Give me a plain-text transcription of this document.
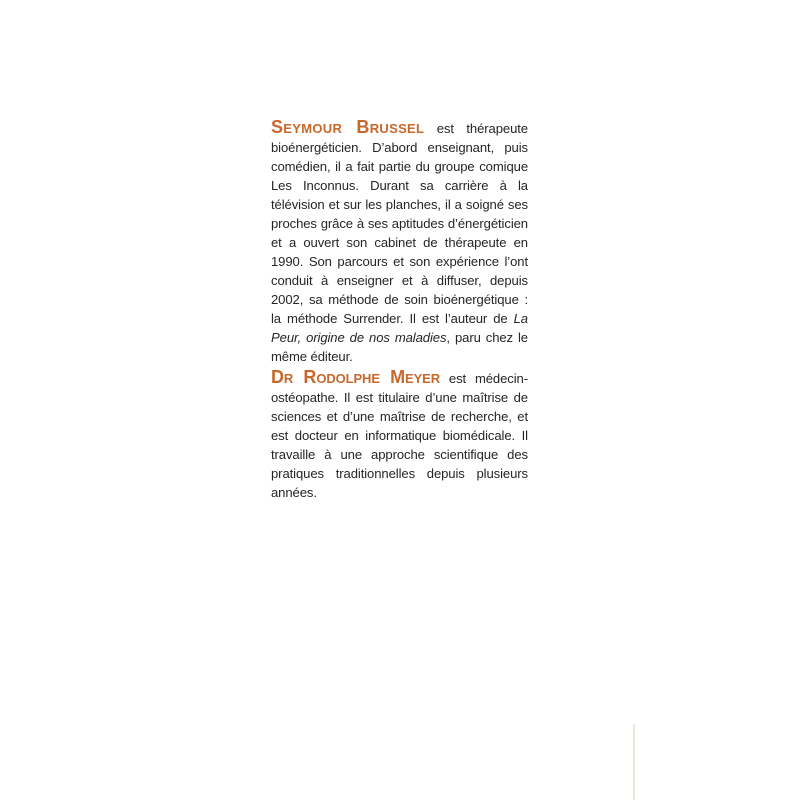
Seymour Brussel est thérapeute bioénergéticien. D’abord enseignant, puis comédien, il a fait partie du groupe comique Les Inconnus. Durant sa carrière à la télévision et sur les planches, il a soigné ses proches grâce à ses aptitudes d’énergéticien et a ouvert son cabinet de thérapeute en 1990. Son parcours et son expérience l’ont conduit à enseigner et à diffuser, depuis 2002, sa méthode de soin bioénergétique : la méthode Surrender. Il est l’auteur de La Peur, origine de nos maladies, paru chez le même éditeur.

Dr Rodolphe Meyer est médecin-ostéopathe. Il est titulaire d’une maîtrise de sciences et d’une maîtrise de recherche, et est docteur en informatique biomédicale. Il travaille à une approche scientifique des pratiques traditionnelles depuis plusieurs années.
